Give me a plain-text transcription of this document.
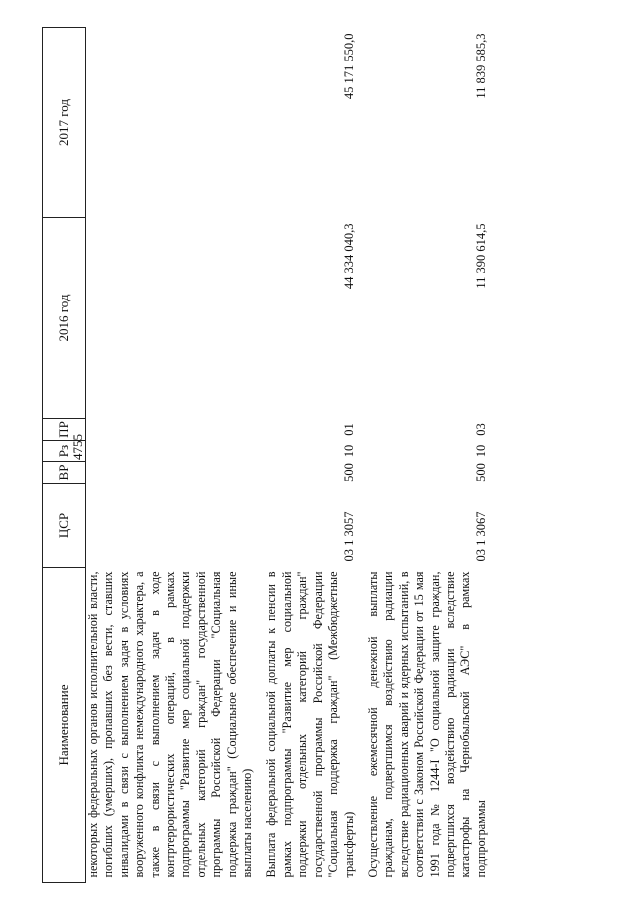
4755
Наименование	ЦСР	ВР	Рз	ПР	2016 год	2017 год
некоторых федеральных органов исполнительной власти, погибших (умерших), пропавших без вести, ставших инвалидами в связи с выполнением задач в условиях вооруженного конфликта немеждународного характера, а также в связи с выполнением задач в ходе контртеррористических операций, в рамках подпрограммы "Развитие мер социальной поддержки отдельных категорий граждан" государственной программы Российской Федерации "Социальная поддержка граждан" (Социальное обеспечение и иные выплаты населению)						
Выплата федеральной социальной доплаты к пенсии в рамках подпрограммы "Развитие мер социальной поддержки отдельных категорий граждан" государственной программы Российской Федерации "Социальная поддержка граждан" (Межбюджетные трансферты)	03 1 3057	500	10	01	44 334 040,3	45 171 550,0
Осуществление ежемесячной денежной выплаты гражданам, подвергшимся воздействию радиации вследствие радиационных аварий и ядерных испытаний, в соответствии с Законом Российской Федерации от 15 мая 1991 года № 1244-I "О социальной защите граждан, подвергшихся воздействию радиации вследствие катастрофы на Чернобыльской АЭС" в рамках подпрограммы	03 1 3067	500	10	03	11 390 614,5	11 839 585,3
